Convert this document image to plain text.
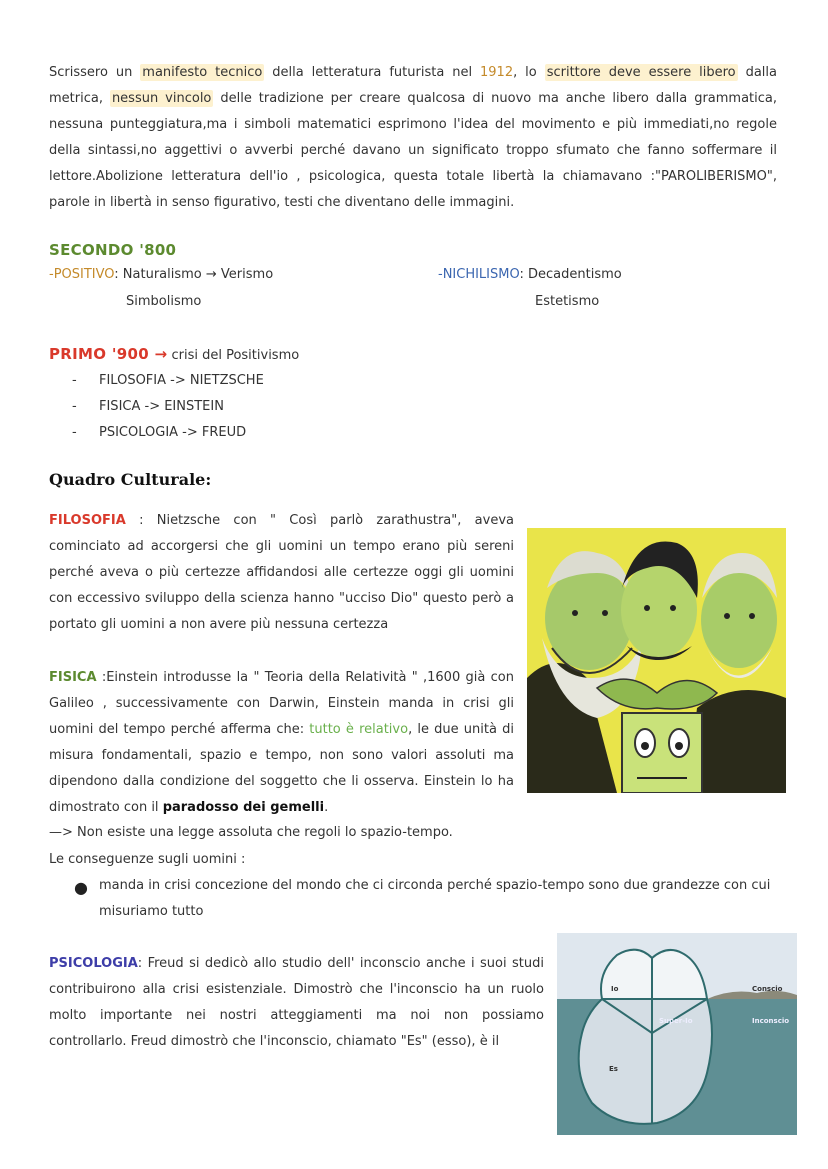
Scrissero un manifesto tecnico della letteratura futurista nel 1912, lo scrittore deve essere libero dalla metrica, nessun vincolo delle tradizione per creare qualcosa di nuovo ma anche libero dalla grammatica, nessuna punteggiatura,ma i simboli matematici esprimono l'idea del movimento e più immediati,no regole della sintassi,no aggettivi o avverbi perché davano un significato troppo sfumato che fanno soffermare il lettore.Abolizione letteratura dell'io , psicologica, questa totale libertà la chiamavano :"PAROLIBERISMO", parole in libertà in senso figurativo, testi che diventano delle immagini.
SECONDO '800
-POSITIVO: Naturalismo → Verismo
Simbolismo
-NICHILISMO: Decadentismo
Estetismo
PRIMO '900 → crisi del Positivismo
- FILOSOFIA -> NIETZSCHE
- FISICA -> EINSTEIN
- PSICOLOGIA -> FREUD
Quadro Culturale:
FILOSOFIA : Nietzsche con " Così parlò zarathustra", aveva cominciato ad accorgersi che gli uomini un tempo erano più sereni perché aveva o più certezze affidandosi alle certezze oggi gli uomini con eccessivo sviluppo della scienza hanno "ucciso Dio" questo però a portato gli uomini a non avere più nessuna certezza
FISICA :Einstein introdusse la " Teoria della Relatività " ,1600 già con Galileo , successivamente con Darwin, Einstein manda in crisi gli uomini del tempo perché afferma che: tutto è relativo, le due unità di misura fondamentali, spazio e tempo, non sono valori assoluti ma dipendono dalla condizione del soggetto che li osserva. Einstein lo ha dimostrato con il paradosso dei gemelli.
—> Non esiste una legge assoluta che regoli lo spazio-tempo.
Le conseguenze sugli uomini :
● manda in crisi concezione del mondo che ci circonda perché spazio-tempo sono due grandezze con cui misuriamo tutto
PSICOLOGIA: Freud si dedicò allo studio dell' inconscio anche i suoi studi contribuirono alla crisi esistenziale. Dimostrò che l'inconscio ha un ruolo molto importante nei nostri atteggiamenti ma noi non possiamo controllarlo. Freud dimostrò che l'inconscio, chiamato "Es" (esso), è il
Io
Super-Io
Es
Conscio
Inconscio
